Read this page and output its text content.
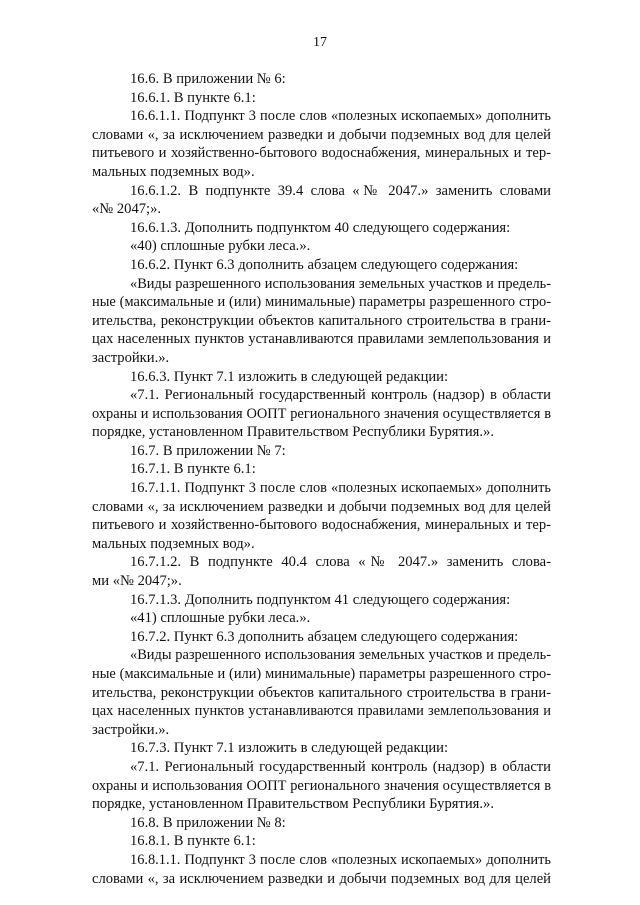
17
16.6. В приложении № 6:
16.6.1. В пункте 6.1:
16.6.1.1. Подпункт 3 после слов «полезных ископаемых» дополнить
словами «, за исключением разведки и добычи подземных вод для целей
питьевого и хозяйственно-бытового водоснабжения, минеральных и тер-
мальных подземных вод».
16.6.1.2. В подпункте 39.4 слова «№ 2047.» заменить словами
«№ 2047;».
16.6.1.3. Дополнить подпунктом 40 следующего содержания:
«40) сплошные рубки леса.».
16.6.2. Пункт 6.3 дополнить абзацем следующего содержания:
«Виды разрешенного использования земельных участков и предель-
ные (максимальные и (или) минимальные) параметры разрешенного стро-
ительства, реконструкции объектов капитального строительства в грани-
цах населенных пунктов устанавливаются правилами землепользования и
застройки.».
16.6.3. Пункт 7.1 изложить в следующей редакции:
«7.1. Региональный государственный контроль (надзор) в области
охраны и использования ООПТ регионального значения осуществляется в
порядке, установленном Правительством Республики Бурятия.».
16.7. В приложении № 7:
16.7.1. В пункте 6.1:
16.7.1.1. Подпункт 3 после слов «полезных ископаемых» дополнить
словами «, за исключением разведки и добычи подземных вод для целей
питьевого и хозяйственно-бытового водоснабжения, минеральных и тер-
мальных подземных вод».
16.7.1.2. В подпункте 40.4 слова «№ 2047.» заменить слова-
ми «№ 2047;».
16.7.1.3. Дополнить подпунктом 41 следующего содержания:
«41) сплошные рубки леса.».
16.7.2. Пункт 6.3 дополнить абзацем следующего содержания:
«Виды разрешенного использования земельных участков и предель-
ные (максимальные и (или) минимальные) параметры разрешенного стро-
ительства, реконструкции объектов капитального строительства в грани-
цах населенных пунктов устанавливаются правилами землепользования и
застройки.».
16.7.3. Пункт 7.1 изложить в следующей редакции:
«7.1. Региональный государственный контроль (надзор) в области
охраны и использования ООПТ регионального значения осуществляется в
порядке, установленном Правительством Республики Бурятия.».
16.8. В приложении № 8:
16.8.1. В пункте 6.1:
16.8.1.1. Подпункт 3 после слов «полезных ископаемых» дополнить
словами «, за исключением разведки и добычи подземных вод для целей
